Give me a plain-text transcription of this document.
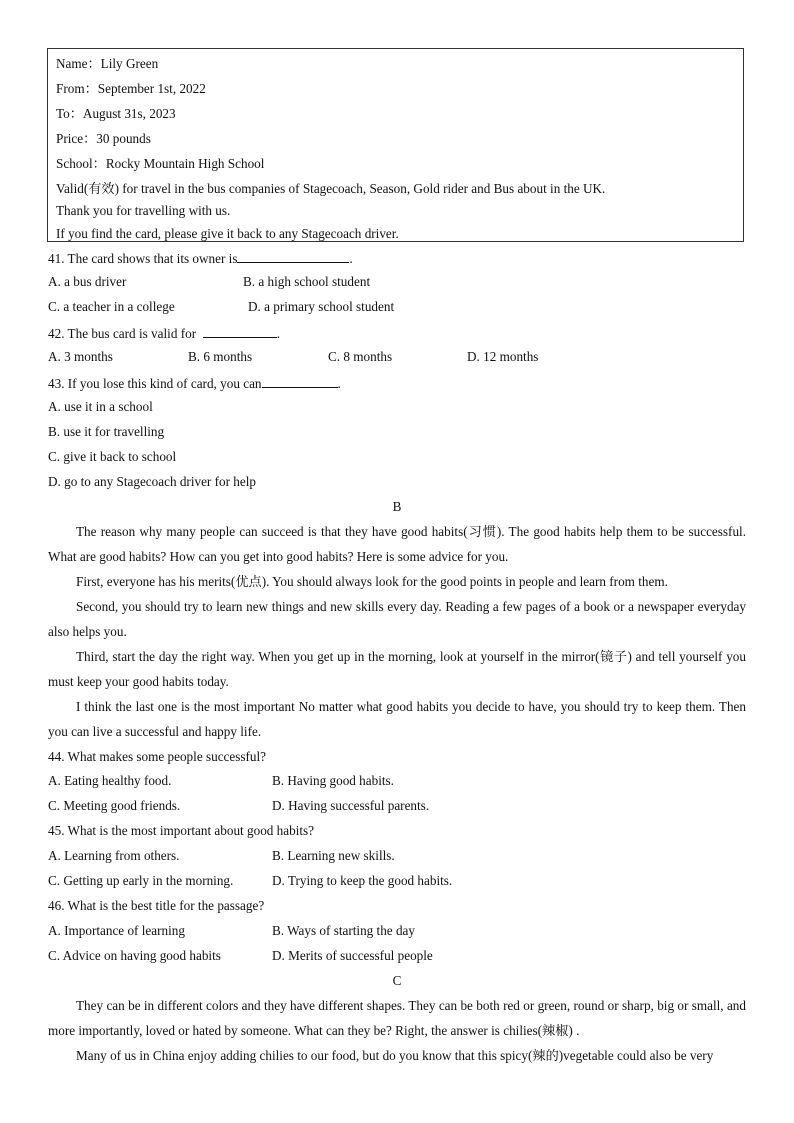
Name：Lily Green
From：September 1st, 2022
To：August 31s, 2023
Price：30 pounds
School：Rocky Mountain High School
Valid(有效) for travel in the bus companies of Stagecoach, Season, Gold rider and Bus about in the UK.
Thank you for travelling with us.
If you find the card, please give it back to any Stagecoach driver.
41. The card shows that its owner is	.
A. a bus driver	B. a high school student
C. a teacher in a college	D. a primary school student
42. The bus card is valid for	.
A. 3 months	B. 6 months	C. 8 months	D. 12 months
43. If you lose this kind of card, you can	.
A. use it in a school
B. use it for travelling
C. give it back to school
D. go to any Stagecoach driver for help
B

The reason why many people can succeed is that they have good habits(习惯). The good habits help them to be successful. What are good habits? How can you get into good habits? Here is some advice for you.

First, everyone has his merits(优点). You should always look for the good points in people and learn from them.

Second, you should try to learn new things and new skills every day. Reading a few pages of a book or a newspaper everyday also helps you.

Third, start the day the right way. When you get up in the morning, look at yourself in the mirror(镜子) and tell yourself you must keep your good habits today.

I think the last one is the most important No matter what good habits you decide to have, you should try to keep them. Then you can live a successful and happy life.

44. What makes some people successful?
A. Eating healthy food.	B. Having good habits.
C. Meeting good friends.	D. Having successful parents.
45. What is the most important about good habits?
A. Learning from others.	B. Learning new skills.
C. Getting up early in the morning.	D. Trying to keep the good habits.
46. What is the best title for the passage?
A. Importance of learning	B. Ways of starting the day
C. Advice on having good habits	D. Merits of successful people
C

They can be in different colors and they have different shapes. They can be both red or green, round or sharp, big or small, and more importantly, loved or hated by someone. What can they be? Right, the answer is chilies(辣椒) .

Many of us in China enjoy adding chilies to our food, but do you know that this spicy(辣的)vegetable could also be very
